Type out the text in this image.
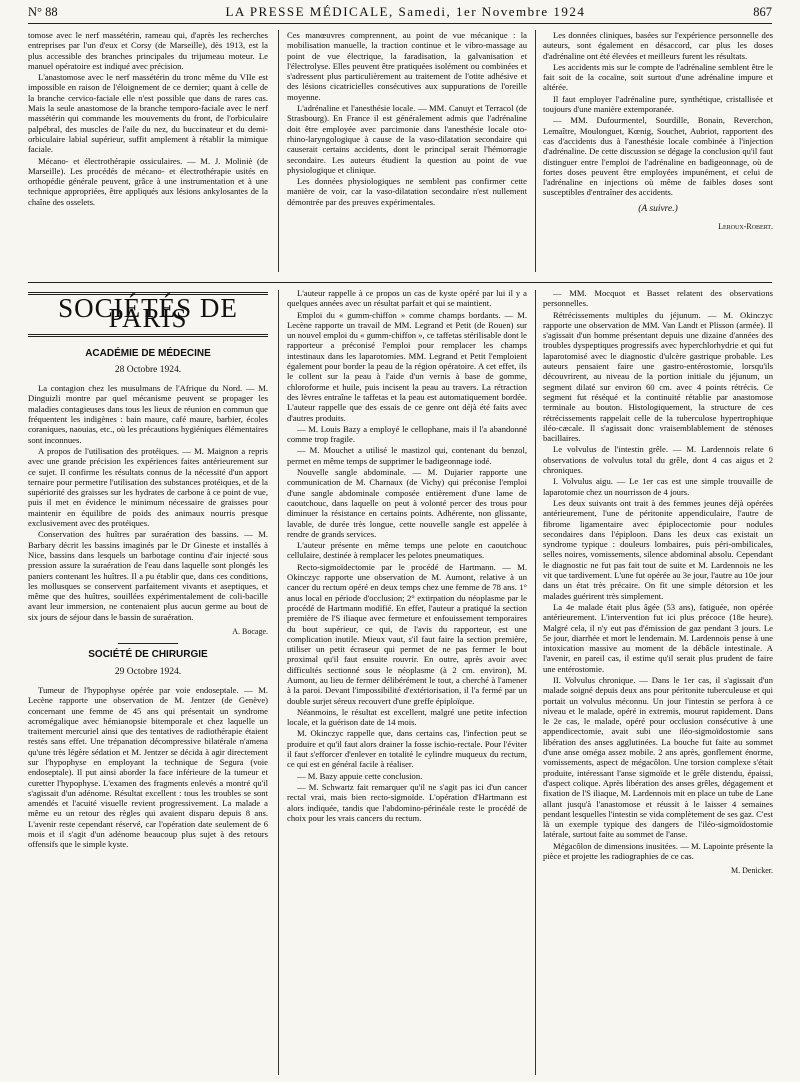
N° 88	LA PRESSE MÉDICALE, Samedi, 1er Novembre 1924	867

tomose avec le nerf massétérin, rameau qui, d'après les recherches entreprises par l'un d'eux et Corsy (de Marseille), dès 1913, est la plus accessible des branches principales du trijumeau moteur. Le manuel opératoire est indiqué avec précision.

L'anastomose avec le nerf massétérin du tronc même du VIIe est impossible en raison de l'éloignement de ce dernier; quant à celle de la branche cervico-faciale elle n'est possible que dans de rares cas. Mais la seule anastomose de la branche temporo-faciale avec le nerf massétérin qui commande les mouvements du front, de l'orbiculaire palpébral, des muscles de l'aile du nez, du buccinateur et du demi-orbiculaire labial supérieur, suffit amplement à rétablir la mimique faciale.

Mécano- et électrothérapie ossiculaires. — M. J. Moliniè (de Marseille). Les procédés de mécano- et électrothérapie usités en orthopédie générale peuvent, grâce à une instrumentation et à une technique appropriées, être appliqués aux lésions ankylosantes de la chaîne des osselets.

Ces manœuvres comprennent, au point de vue mécanique : la mobilisation manuelle, la traction continue et le vibro-massage au point de vue électrique, la faradisation, la galvanisation et l'électrolyse. Elles peuvent être pratiquées isolément ou combinées et s'adressent plus particulièrement au traitement de l'otite adhésive et des lésions cicatricielles consécutives aux suppurations de l'oreille moyenne.

L'adrénaline et l'anesthésie locale. — MM. Canuyt et Terracol (de Strasbourg). En France il est généralement admis que l'adrénaline doit être employée avec parcimonie dans l'anesthésie locale oto-rhino-laryngologique à cause de la vaso-dilatation secondaire qui causerait certains accidents, dont le principal serait l'hémorragie secondaire. Les auteurs étudient la question au point de vue physiologique et clinique.

Les données physiologiques ne semblent pas confirmer cette manière de voir, car la vaso-dilatation secondaire n'est nullement démontrée par des preuves expérimentales.

Les données cliniques, basées sur l'expérience personnelle des auteurs, sont également en désaccord, car plus les doses d'adrénaline ont été élevées et meilleurs furent les résultats.

Les accidents mis sur le compte de l'adrénaline semblent être le fait soit de la cocaïne, soit surtout d'une adrénaline impure et altérée.

Il faut employer l'adrénaline pure, synthétique, cristallisée et toujours d'une manière extemporanée.

— MM. Dufourmentel, Sourdille, Bonain, Reverchon, Lemaître, Moulonguet, Kœnig, Souchet, Aubriot, rapportent des cas d'accidents dus à l'anesthésie locale combinée à l'injection d'adrénaline. De cette discussion se dégage la conclusion qu'il faut distinguer entre l'emploi de l'adrénaline en badigeonnage, où de fortes doses peuvent être employées impunément, et celui de l'adrénaline en injections où même de faibles doses sont susceptibles d'entraîner des accidents.

(A suivre.)
Leroux-Robert.
SOCIÉTÉS DE PARIS
ACADÉMIE DE MÉDECINE
28 Octobre 1924.

La contagion chez les musulmans de l'Afrique du Nord. — M. Dinguizli montre par quel mécanisme peuvent se propager les maladies contagieuses dans tous les lieux de réunion en commun que fréquentent les indigènes : bain maure, café maure, barbier, écoles coraniques, naouias, etc., où les précautions hygiéniques élémentaires sont inconnues.

A propos de l'utilisation des protéiques. — M. Maignon a repris avec une grande précision les expériences faites antérieurement sur ce sujet. Il confirme les résultats connus de la nécessité d'un apport ternaire pour permettre l'utilisation des substances protéiques, et de la supériorité des graisses sur les hydrates de carbone à ce point de vue, puis il met en évidence le minimum nécessaire de graisses pour maintenir en équilibre de poids des animaux nourris presque exclusivement avec des protéiques.

Conservation des huîtres par suraération des bassins. — M. Barbary décrit les bassins imaginés par le Dr Gineste et installés à Nice, bassins dans lesquels un barbotage continu d'air injecté sous pression assure la suraération de l'eau dans laquelle sont plongés les paniers contenant les huîtres. Il a pu établir que, dans ces conditions, les mollusques se conservent parfaitement vivants et aseptiques, et même que des huîtres, souillées expérimentalement de coli-bacille avant leur immersion, ne contenaient plus aucun germe au bout de six jours de séjour dans le bassin de suraération.

A. Bocage.
SOCIÉTÉ DE CHIRURGIE
29 Octobre 1924.

Tumeur de l'hypophyse opérée par voie endoseptale. — M. Lecène rapporte une observation de M. Jentzer (de Genève) concernant une femme de 45 ans qui présentait un syndrome acromégalique avec hémianopsie bitemporale et chez laquelle un traitement mercuriel ainsi que des tentatives de radiothérapie étaient restés sans effet. Une trépanation décompressive bilatérale n'amena qu'une très légère sédation et M. Jentzer se décida à agir directement sur l'hypophyse en employant la technique de Segura (voie endoseptale). Il put ainsi aborder la face inférieure de la tumeur et curetter l'hypophyse. L'examen des fragments enlevés a montré qu'il s'agissait d'un adénome. Résultat excellent : tous les troubles se sont amendés et l'acuité visuelle revient progressivement. La malade a même eu un retour des règles qui avaient disparu depuis 8 ans. L'avenir reste cependant réservé, car l'opération date seulement de 6 mois et il s'agit d'un adénome beaucoup plus sujet à des retours offensifs que le simple kyste.

L'auteur rappelle à ce propos un cas de kyste opéré par lui il y a quelques années avec un résultat parfait et qui se maintient.

Emploi du « gumm-chiffon » comme champs bordants. — M. Lecène rapporte un travail de MM. Legrand et Petit (de Rouen) sur un nouvel emploi du « gumm-chiffon », ce taffetas stérilisable dont le rapporteur a préconisé l'emploi pour remplacer les champs intestinaux dans les laparotomies. MM. Legrand et Petit l'emploient également pour border la peau de la région opératoire. A cet effet, ils le collent sur la peau à l'aide d'un vernis à base de gomme, chloroforme et huile, puis incisent la peau au travers. La rétraction des lèvres entraîne le taffetas et la peau est automatiquement bordée. L'auteur rappelle que des essais de ce genre ont déjà été faits avec d'autres produits.

— M. Louis Bazy a employé le cellophane, mais il l'a abandonné comme trop fragile.

— M. Mouchet a utilisé le mastizol qui, contenant du benzol, permet en même temps de supprimer le badigeonnage iodé.

Nouvelle sangle abdominale. — M. Dujarier rapporte une communication de M. Charnaux (de Vichy) qui préconise l'emploi d'une sangle abdominale composée entièrement d'une lame de caoutchouc, dans laquelle on peut à volonté percer des trous pour diminuer la résistance en certains points. Adhérente, non glissante, lavable, de durée très longue, cette nouvelle sangle est appelée à rendre de grands services.

L'auteur présente en même temps une pelote en caoutchouc cellulaire, destinée à remplacer les pelotes pneumatiques.

Recto-sigmoïdectomie par le procédé de Hartmann. — M. Okinczyc rapporte une observation de M. Aumont, relative à un cancer du rectum opéré en deux temps chez une femme de 78 ans. 1° anus local en période d'occlusion; 2° extirpation du néoplasme par le procédé de Hartmann modifié. En effet, l'auteur a pratiqué la section première de l'S iliaque avec fermeture et enfouissement temporaires du bout supérieur, ce qui, de l'avis du rapporteur, est une complication inutile. Mieux vaut, s'il faut faire la section première, utiliser un petit écraseur qui permet de ne pas fermer le bout proximal qu'il faut ensuite rouvrir. En outre, après avoir avec difficultés sectionné sous le néoplasme (à 2 cm. environ), M. Aumont, au lieu de fermer délibérément le tout, a cherché à l'amener à la paroi. Devant l'impossibilité d'extériorisation, il l'a fermé par un double surjet séreux recouvert d'une greffe épiploïque.

Néanmoins, le résultat est excellent, malgré une petite infection locale, et la guérison date de 14 mois.

M. Okinczyc rappelle que, dans certains cas, l'infection peut se produire et qu'il faut alors drainer la fosse ischio-rectale. Pour l'éviter il faut s'efforcer d'enlever en totalité le cylindre muqueux du rectum, ce qui est en général facile à réaliser.

— M. Bazy appuie cette conclusion.

— M. Schwartz fait remarquer qu'il ne s'agit pas ici d'un cancer rectal vrai, mais bien recto-sigmoïde. L'opération d'Hartmann est alors indiquée, tandis que l'abdomino-périnéale reste le procédé de choix pour les vrais cancers du rectum.

— MM. Mocquot et Basset relatent des observations personnelles.

Rétrécissements multiples du jéjunum. — M. Okinczyc rapporte une observation de MM. Van Landt et Plisson (armée). Il s'agissait d'un homme présentant depuis une dizaine d'années des troubles dyspeptiques progressifs avec hyperchlorhydrie et qui fut laparotomisé avec le diagnostic d'ulcère gastrique probable. Les auteurs pensaient faire une gastro-entérostomie, lorsqu'ils découvrirent, au niveau de la portion initiale du jéjunum, un segment dilaté sur environ 60 cm. avec 4 points rétrécis. Ce segment fut réséqué et la continuité rétablie par anastomose terminale au bouton. Histologiquement, la structure de ces rétrécissements rappelait celle de la tuberculose hypertrophique iléo-cæcale. Il s'agissait donc vraisemblablement de sténoses bacillaires.

Le volvulus de l'intestin grêle. — M. Lardennois relate 6 observations de volvulus total du grêle, dont 4 cas aigus et 2 chroniques.

I. Volvulus aigu. — Le 1er cas est une simple trouvaille de laparotomie chez un nourrisson de 4 jours.

Les deux suivants ont trait à des femmes jeunes déjà opérées antérieurement, l'une de péritonite appendiculaire, l'autre de fibrome ligamentaire avec épiplocectomie pour nodules secondaires dans l'épiploon. Dans les deux cas existait un syndrome typique : douleurs lombaires, puis péri-ombilicales, selles noires, vomissements, silence abdominal absolu. Cependant le diagnostic ne fut pas fait tout de suite et M. Lardennois ne les vit que tardivement. L'une fut opérée au 3e jour, l'autre au 10e jour dans un état très précaire. On fit une simple détorsion et les malades guérirent très simplement.

La 4e malade était plus âgée (53 ans), fatiguée, non opérée antérieurement. L'intervention fut ici plus précoce (18e heure). Malgré cela, il n'y eut pas d'émission de gaz pendant 3 jours. Le 5e jour, diarrhée et mort le lendemain. M. Lardennois pense à une intoxication massive au moment de la débâcle intestinale. A l'avenir, en pareil cas, il estime qu'il serait plus prudent de faire une entérostomie.

II. Volvulus chronique. — Dans le 1er cas, il s'agissait d'un malade soigné depuis deux ans pour péritonite tuberculeuse et qui portait un volvulus méconnu. Un jour l'intestin se perfora à ce niveau et le malade, opéré in extremis, mourut rapidement. Dans le 2e cas, le malade, opéré pour occlusion consécutive à une appendicectomie, avait subi une iléo-sigmoïdostomie sans libération des anses agglutinées. La bouche fut faite au sommet d'une anse oméga assez mobile. 2 ans après, gonflement énorme, vomissements, aspect de mégacôlon. Une torsion complexe s'était produite, intéressant l'anse sigmoïde et le grêle distendu, épaissi, d'aspect colique. Après libération des anses grêles, dégagement et fixation de l'S iliaque, M. Lardennois mit en place un tube de Lane allant jusqu'à l'anastomose et réussit à le laisser 4 semaines pendant lesquelles l'intestin se vida complètement de ses gaz. C'est là un exemple typique des dangers de l'iléo-sigmoïdostomie latérale, surtout faite au sommet de l'anse.

Mégacôlon de dimensions inusitées. — M. Lapointe présente la pièce et projette les radiographies de ce cas.

M. Denicker.
